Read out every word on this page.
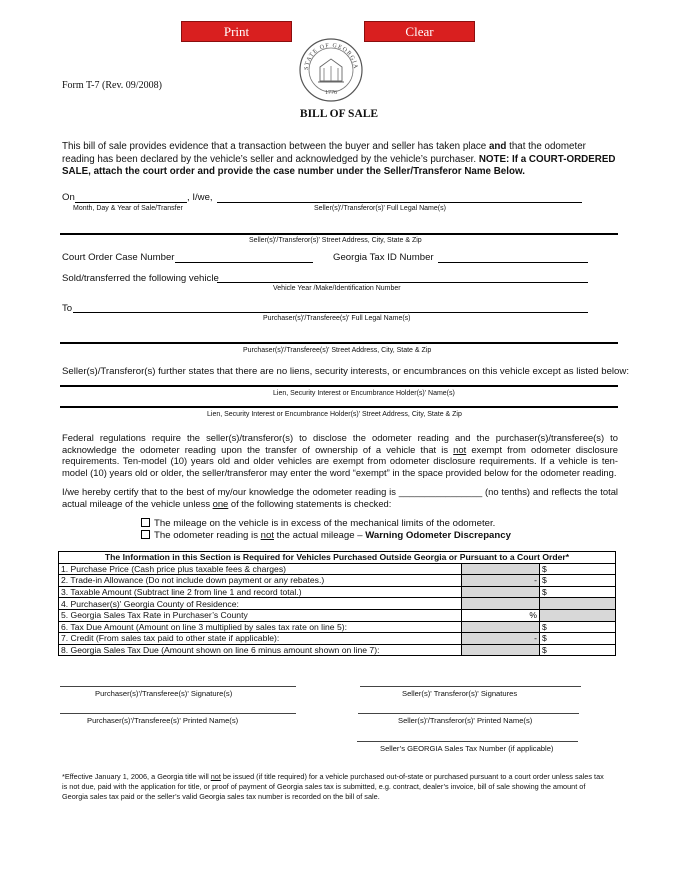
Print	Clear
STATE OF GEORGIA
1776
Form T-7 (Rev. 09/2008)
BILL OF SALE
This bill of sale provides evidence that a transaction between the buyer and seller has taken place and that the odometer reading has been declared by the vehicle’s seller and acknowledged by the vehicle’s purchaser. NOTE: If a COURT-ORDERED SALE, attach the court order and provide the case number under the Seller/Transferor Name Below.
On	, I/we,
Month, Day & Year of Sale/Transfer	Seller(s)'/Transferor(s)' Full Legal Name(s)
Seller(s)'/Transferor(s)' Street Address, City, State & Zip
Court Order Case Number	Georgia Tax ID Number
Sold/transferred the following vehicle
Vehicle Year /Make/Identification Number
To
Purchaser(s)'/Transferee(s)' Full Legal Name(s)
Purchaser(s)'/Transferee(s)' Street Address, City, State & Zip
Seller(s)/Transferor(s) further states that there are no liens, security interests, or encumbrances on this vehicle except as listed below:
Lien, Security Interest or Encumbrance Holder(s)' Name(s)
Lien, Security Interest or Encumbrance Holder(s)' Street Address, City, State & Zip
Federal regulations require the seller(s)/transferor(s) to disclose the odometer reading and the purchaser(s)/transferee(s) to acknowledge the odometer reading upon the transfer of ownership of a vehicle that is not exempt from odometer disclosure requirements. Ten-model (10) years old and older vehicles are exempt from odometer disclosure requirements. If a vehicle is ten-model (10) years old or older, the seller/transferor may enter the word “exempt” in the space provided below for the odometer reading.
I/we hereby certify that to the best of my/our knowledge the odometer reading is ________________ (no tenths) and reflects the total actual mileage of the vehicle unless one of the following statements is checked:
The mileage on the vehicle is in excess of the mechanical limits of the odometer.
The odometer reading is not the actual mileage – Warning Odometer Discrepancy
The Information in this Section is Required for Vehicles Purchased Outside Georgia or Pursuant to a Court Order*		
1. Purchase Price (Cash price plus taxable fees & charges)		$
2. Trade-in Allowance (Do not include down payment or any rebates.)	-	$
3. Taxable Amount (Subtract line 2 from line 1 and record total.)		$
4. Purchaser(s)' Georgia County of Residence:		
5. Georgia Sales Tax Rate in Purchaser’s County	%	
6. Tax Due Amount (Amount on line 3 multiplied by sales tax rate on line 5):		$
7. Credit (From sales tax paid to other state if applicable):	-	$
8. Georgia Sales Tax Due (Amount shown on line 6 minus amount shown on line 7):		$
Purchaser(s)'/Transferee(s)' Signature(s)	Seller(s)' Transferor(s)' Signatures
Purchaser(s)'/Transferee(s)' Printed Name(s)	Seller(s)'/Transferor(s)' Printed Name(s)
Seller’s GEORGIA Sales Tax Number (if applicable)
*Effective January 1, 2006, a Georgia title will not be issued (if title required) for a vehicle purchased out-of-state or purchased pursuant to a court order unless sales tax is not due, paid with the application for title, or proof of payment of Georgia sales tax is submitted, e.g. contract, dealer’s invoice, bill of sale showing the amount of Georgia sales tax paid or the seller’s valid Georgia sales tax number is recorded on the bill of sale.
